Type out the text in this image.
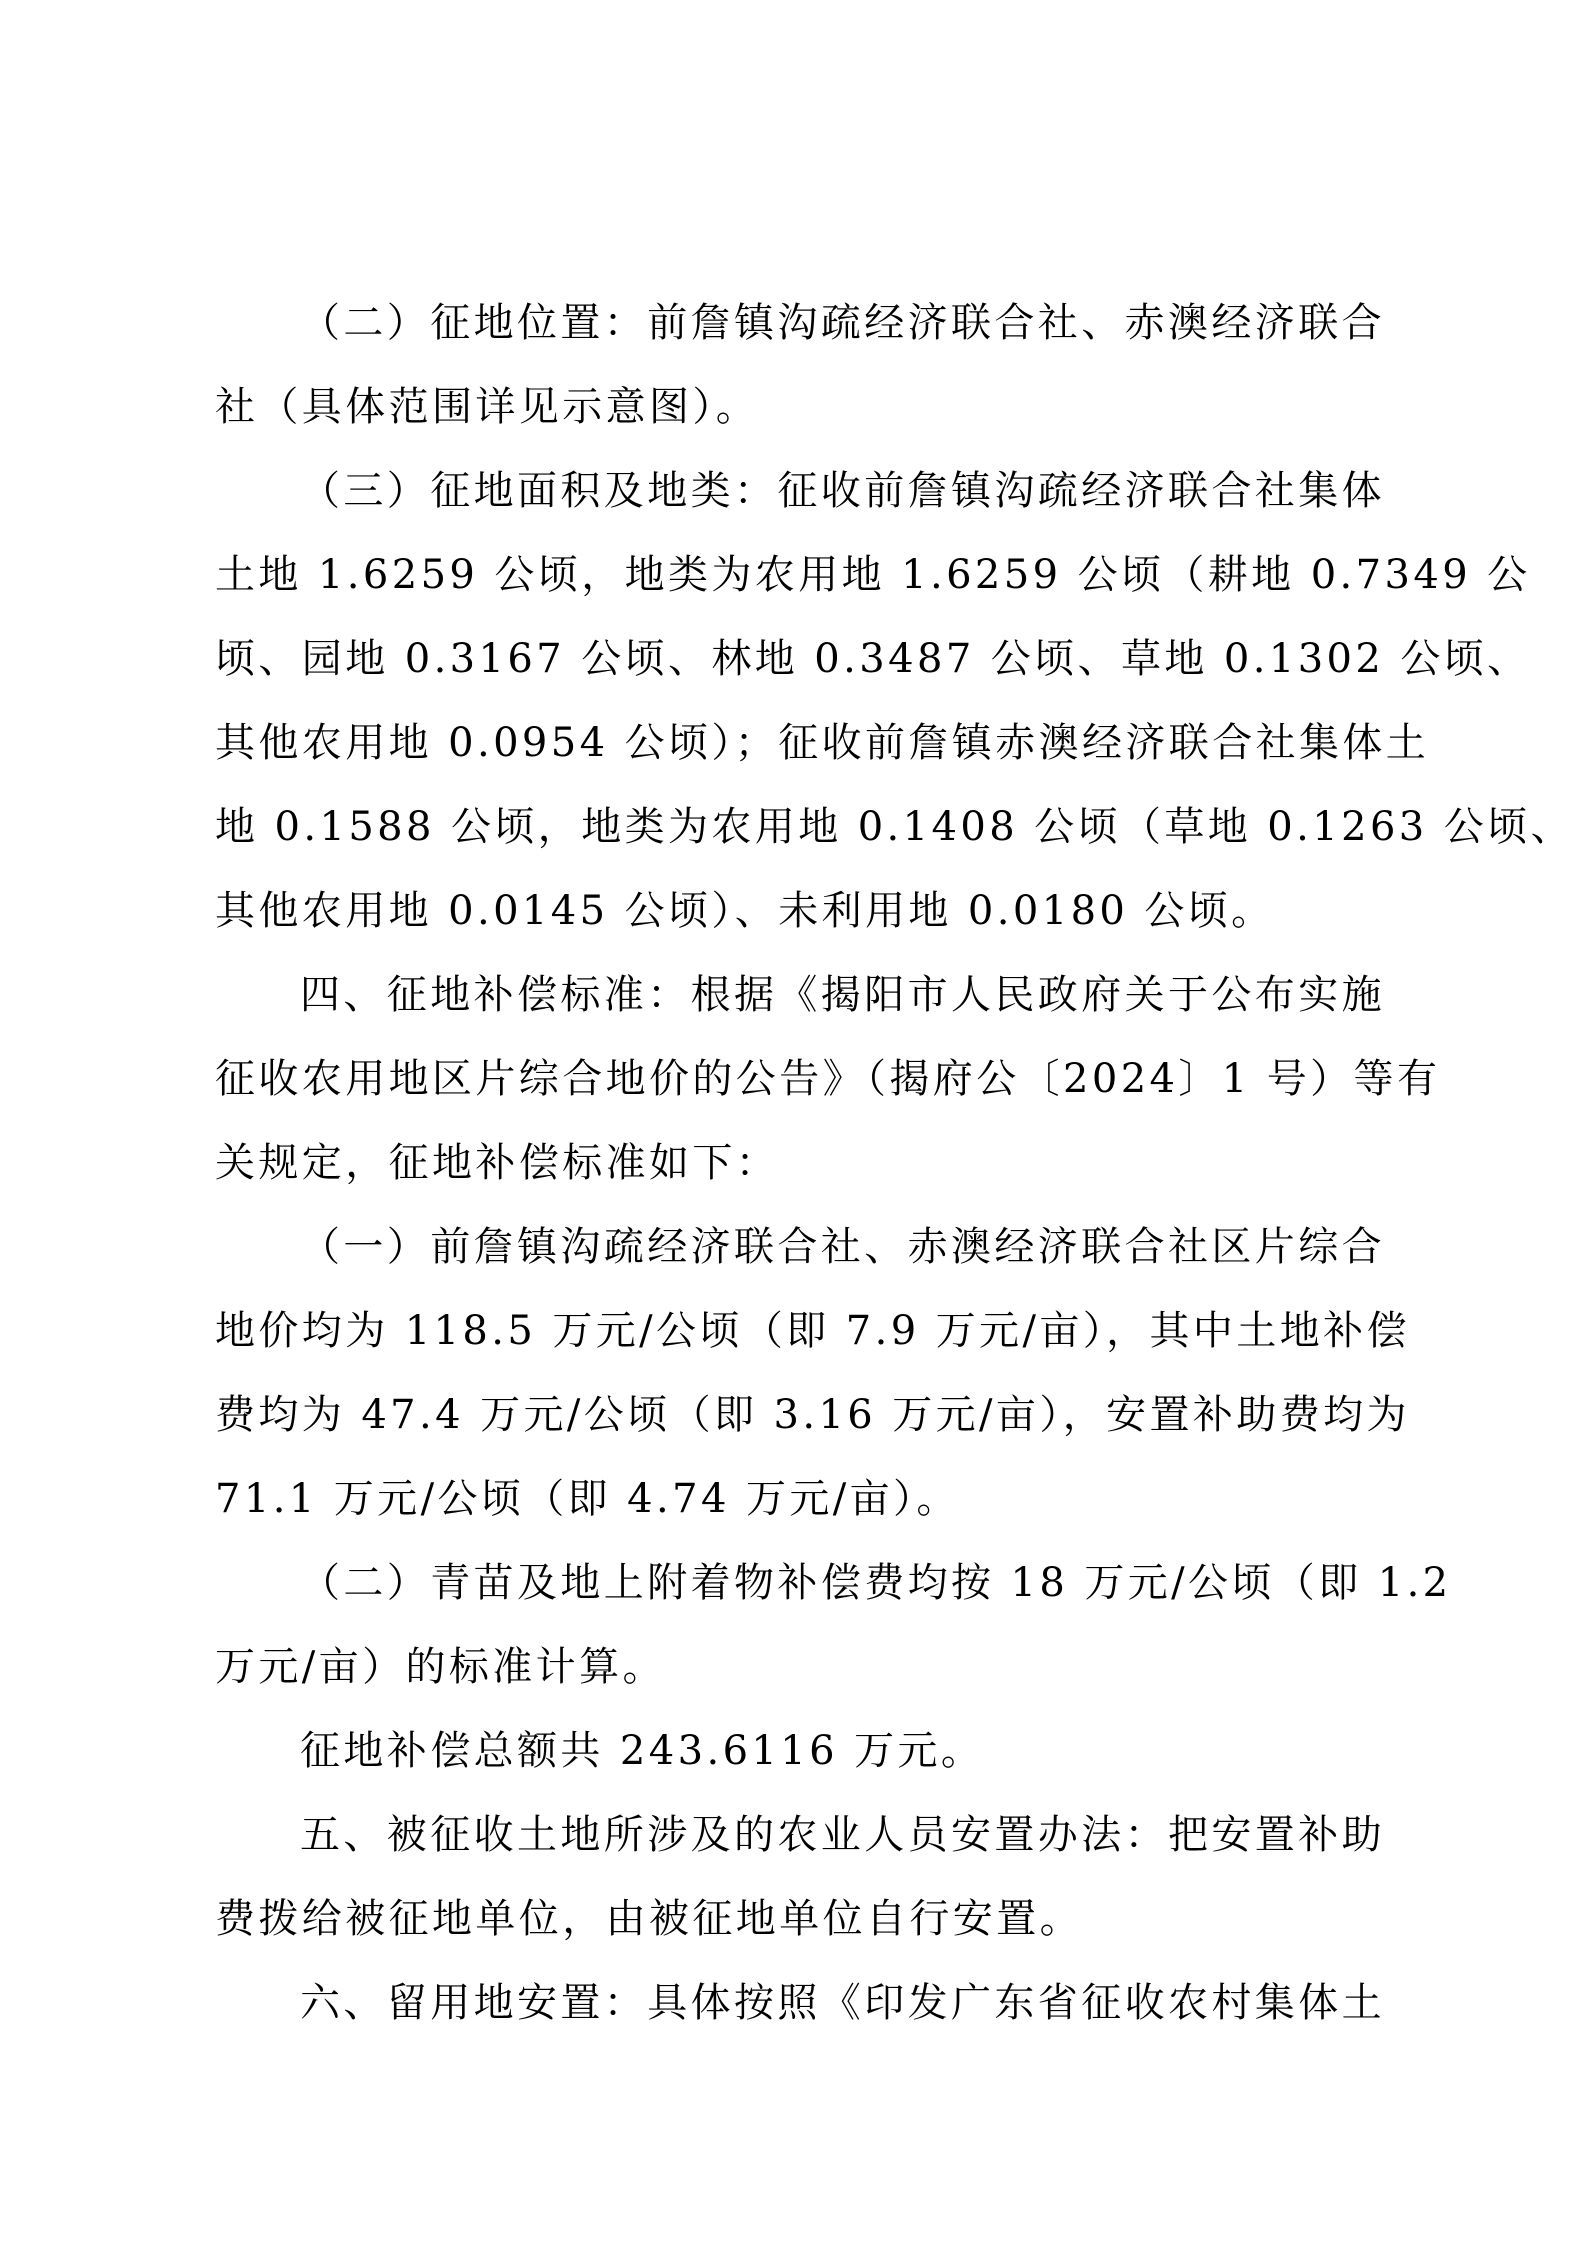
（二）征地位置：前詹镇沟疏经济联合社、赤澳经济联合
社（具体范围详见示意图）。
（三）征地面积及地类：征收前詹镇沟疏经济联合社集体
土地 1.6259 公顷，地类为农用地 1.6259 公顷（耕地 0.7349 公
顷、园地 0.3167 公顷、林地 0.3487 公顷、草地 0.1302 公顷、
其他农用地 0.0954 公顷）；征收前詹镇赤澳经济联合社集体土
地 0.1588 公顷，地类为农用地 0.1408 公顷（草地 0.1263 公顷、
其他农用地 0.0145 公顷）、未利用地 0.0180 公顷。
四、征地补偿标准：根据《揭阳市人民政府关于公布实施
征收农用地区片综合地价的公告》（揭府公〔2024〕1 号）等有
关规定，征地补偿标准如下：
（一）前詹镇沟疏经济联合社、赤澳经济联合社区片综合
地价均为 118.5 万元/公顷（即 7.9 万元/亩），其中土地补偿
费均为 47.4 万元/公顷（即 3.16 万元/亩），安置补助费均为
71.1 万元/公顷（即 4.74 万元/亩）。
（二）青苗及地上附着物补偿费均按 18 万元/公顷（即 1.2
万元/亩）的标准计算。
征地补偿总额共 243.6116 万元。
五、被征收土地所涉及的农业人员安置办法：把安置补助
费拨给被征地单位，由被征地单位自行安置。
六、留用地安置：具体按照《印发广东省征收农村集体土
